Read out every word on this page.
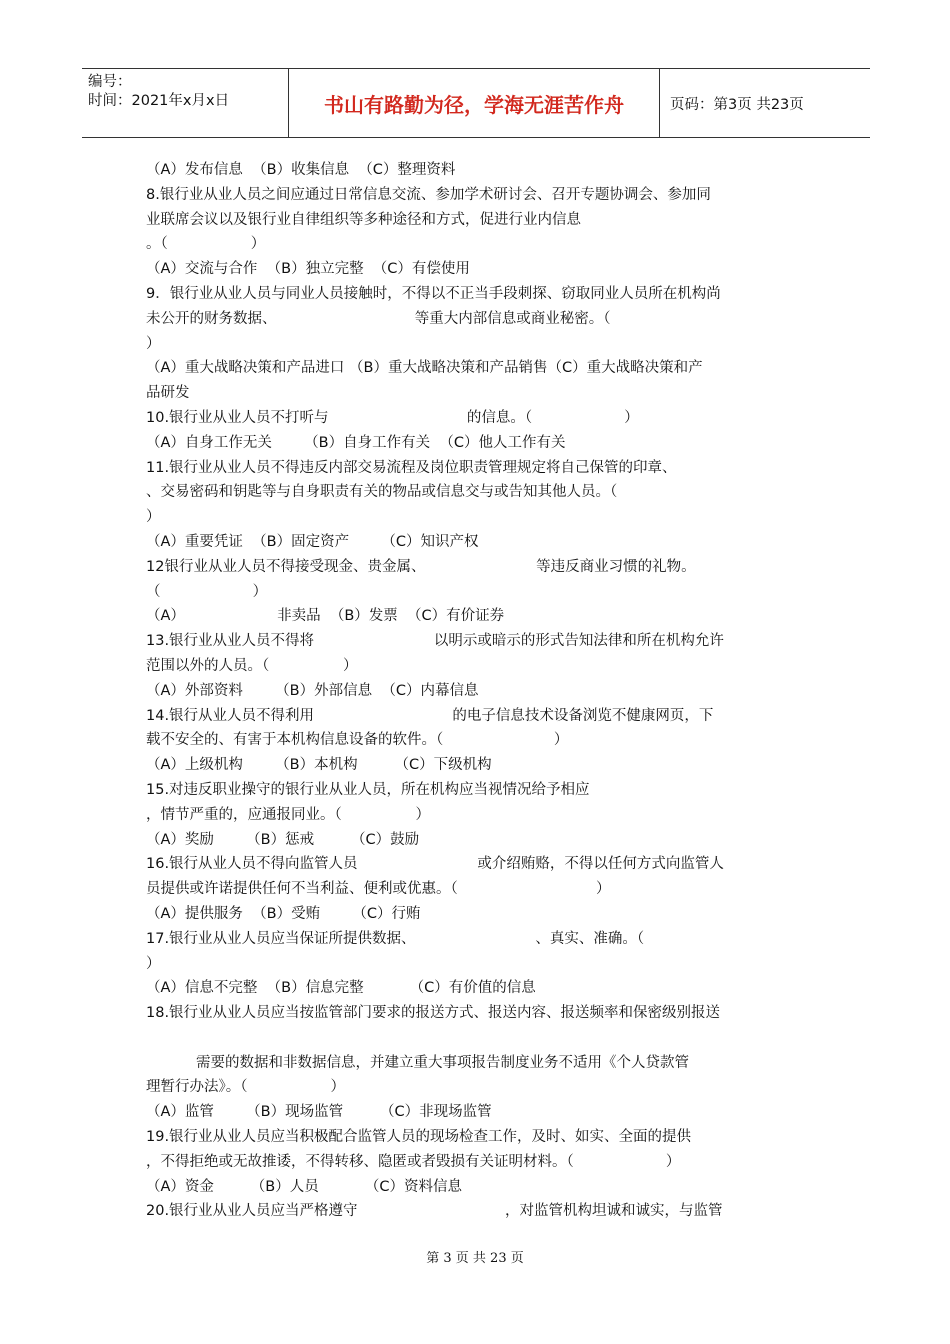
编号：
时间：2021年x月x日	书山有路勤为径，学海无涯苦作舟	页码：第3页 共23页
（A）发布信息  （B）收集信息  （C）整理资料
8.银行业从业人员之间应通过日常信息交流、参加学术研讨会、召开专题协调会、参加同
业联席会议以及银行业自律组织等多种途径和方式，促进行业内信息
。（                  ）
（A）交流与合作  （B）独立完整  （C）有偿使用
9．银行业从业人员与同业人员接触时，不得以不正当手段刺探、窃取同业人员所在机构尚
未公开的财务数据、                              等重大内部信息或商业秘密。（
）
（A）重大战略决策和产品进口 （B）重大战略决策和产品销售（C）重大战略决策和产
品研发
10.银行业从业人员不打听与                              的信息。（                    ）
（A）自身工作无关       （B）自身工作有关  （C）他人工作有关
11.银行业从业人员不得违反内部交易流程及岗位职责管理规定将自己保管的印章、
、交易密码和钥匙等与自身职责有关的物品或信息交与或告知其他人员。（
）
（A）重要凭证  （B）固定资产       （C）知识产权
12银行业从业人员不得接受现金、贵金属、                        等违反商业习惯的礼物。
（                    ）
（A）                    非卖品  （B）发票  （C）有价证券
13.银行业从业人员不得将                          以明示或暗示的形式告知法律和所在机构允许
范围以外的人员。（                ）
（A）外部资料       （B）外部信息  （C）内幕信息
14.银行从业人员不得利用                              的电子信息技术设备浏览不健康网页，下
载不安全的、有害于本机构信息设备的软件。（                        ）
（A）上级机构       （B）本机构        （C）下级机构
15.对违反职业操守的银行业从业人员，所在机构应当视情况给予相应
，情节严重的，应通报同业。（                ）
（A）奖励       （B）惩戒        （C）鼓励
16.银行从业人员不得向监管人员                          或介绍贿赂，不得以任何方式向监管人
员提供或许诺提供任何不当利益、便利或优惠。（                              ）
（A）提供服务  （B）受贿       （C）行贿
17.银行业从业人员应当保证所提供数据、                          、真实、准确。（
）
（A）信息不完整  （B）信息完整          （C）有价值的信息
18.银行业从业人员应当按监管部门要求的报送方式、报送内容、报送频率和保密级别报送
需要的数据和非数据信息，并建立重大事项报告制度业务不适用《个人贷款管
理暂行办法》。（                  ）
（A）监管       （B）现场监管        （C）非现场监管
19.银行业从业人员应当积极配合监管人员的现场检查工作，及时、如实、全面的提供
，不得拒绝或无故推诿，不得转移、隐匿或者毁损有关证明材料。（                    ）
（A）资金        （B）人员          （C）资料信息
20.银行业从业人员应当严格遵守                                ，对监管机构坦诚和诚实，与监管
第 3 页 共 23 页
